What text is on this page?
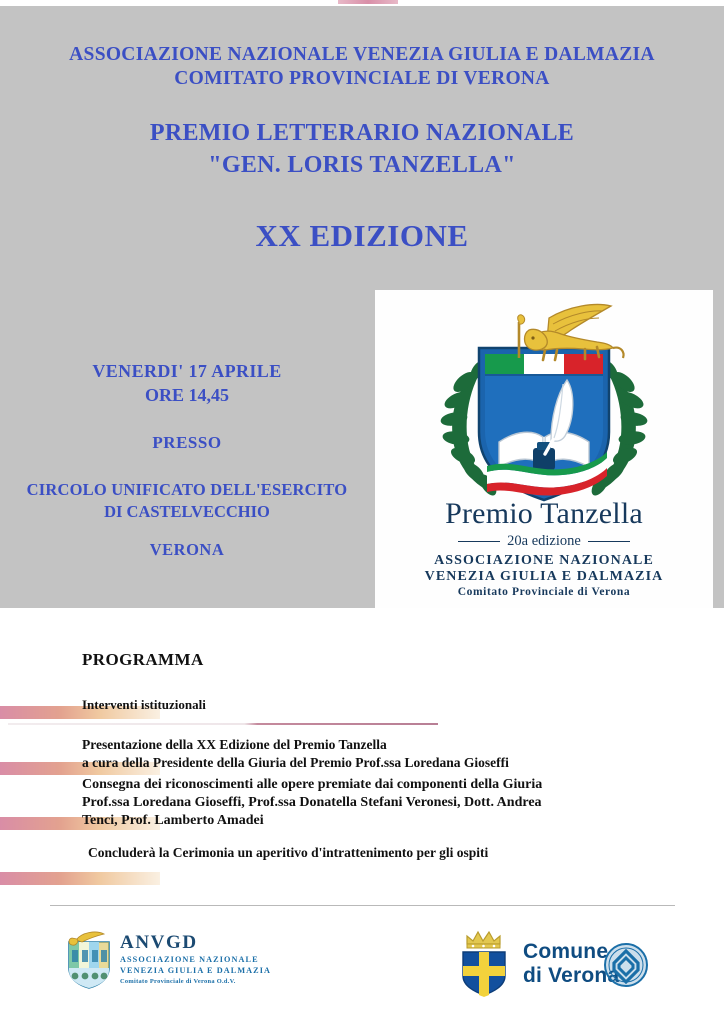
ASSOCIAZIONE NAZIONALE VENEZIA GIULIA E DALMAZIA
COMITATO PROVINCIALE DI VERONA
PREMIO LETTERARIO NAZIONALE
"GEN. LORIS TANZELLA"
XX EDIZIONE
VENERDI' 17 APRILE
ORE 14,45
PRESSO
CIRCOLO UNIFICATO DELL'ESERCITO
DI CASTELVECCHIO
VERONA
Premio Tanzella
20a edizione
ASSOCIAZIONE NAZIONALE
VENEZIA GIULIA E DALMAZIA
Comitato Provinciale di Verona
PROGRAMMA
Interventi istituzionali
Presentazione della XX Edizione del Premio Tanzella
a cura della Presidente della Giuria del Premio Prof.ssa Loredana Gioseffi
Consegna dei riconoscimenti alle opere premiate dai componenti della Giuria
Prof.ssa Loredana Gioseffi, Prof.ssa Donatella Stefani Veronesi, Dott. Andrea
Tenci, Prof. Lamberto Amadei
Concluderà la Cerimonia un aperitivo d'intrattenimento per gli ospiti
ANVGD
ASSOCIAZIONE NAZIONALE
VENEZIA GIULIA E DALMAZIA
Comitato Provinciale di Verona O.d.V.
Comune
di Verona
